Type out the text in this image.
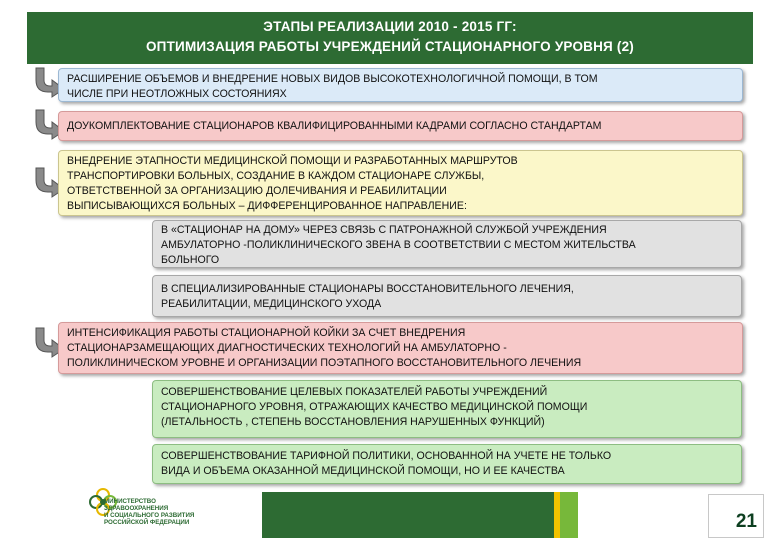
ЭТАПЫ РЕАЛИЗАЦИИ 2010 - 2015 ГГ:
ОПТИМИЗАЦИЯ РАБОТЫ УЧРЕЖДЕНИЙ СТАЦИОНАРНОГО УРОВНЯ (2)
РАСШИРЕНИЕ ОБЪЕМОВ И ВНЕДРЕНИЕ НОВЫХ ВИДОВ ВЫСОКОТЕХНОЛОГИЧНОЙ ПОМОЩИ, В ТОМ
ЧИСЛЕ ПРИ НЕОТЛОЖНЫХ СОСТОЯНИЯХ
ДОУКОМПЛЕКТОВАНИЕ СТАЦИОНАРОВ КВАЛИФИЦИРОВАННЫМИ КАДРАМИ СОГЛАСНО СТАНДАРТАМ
ВНЕДРЕНИЕ ЭТАПНОСТИ МЕДИЦИНСКОЙ ПОМОЩИ И РАЗРАБОТАННЫХ МАРШРУТОВ
ТРАНСПОРТИРОВКИ БОЛЬНЫХ, СОЗДАНИЕ В КАЖДОМ СТАЦИОНАРЕ СЛУЖБЫ,
ОТВЕТСТВЕННОЙ ЗА ОРГАНИЗАЦИЮ ДОЛЕЧИВАНИЯ И РЕАБИЛИТАЦИИ
ВЫПИСЫВАЮЩИХСЯ БОЛЬНЫХ – ДИФФЕРЕНЦИРОВАННОЕ НАПРАВЛЕНИЕ:
В «СТАЦИОНАР НА ДОМУ» ЧЕРЕЗ СВЯЗЬ С ПАТРОНАЖНОЙ СЛУЖБОЙ УЧРЕЖДЕНИЯ
АМБУЛАТОРНО -ПОЛИКЛИНИЧЕСКОГО ЗВЕНА В СООТВЕТСТВИИ С МЕСТОМ ЖИТЕЛЬСТВА
БОЛЬНОГО
В СПЕЦИАЛИЗИРОВАННЫЕ СТАЦИОНАРЫ ВОССТАНОВИТЕЛЬНОГО ЛЕЧЕНИЯ,
РЕАБИЛИТАЦИИ, МЕДИЦИНСКОГО УХОДА
ИНТЕНСИФИКАЦИЯ РАБОТЫ СТАЦИОНАРНОЙ КОЙКИ ЗА СЧЕТ ВНЕДРЕНИЯ
СТАЦИОНАРЗАМЕЩАЮЩИХ ДИАГНОСТИЧЕСКИХ ТЕХНОЛОГИЙ НА АМБУЛАТОРНО -
ПОЛИКЛИНИЧЕСКОМ УРОВНЕ И ОРГАНИЗАЦИИ ПОЭТАПНОГО ВОССТАНОВИТЕЛЬНОГО ЛЕЧЕНИЯ
СОВЕРШЕНСТВОВАНИЕ ЦЕЛЕВЫХ ПОКАЗАТЕЛЕЙ РАБОТЫ УЧРЕЖДЕНИЙ
СТАЦИОНАРНОГО УРОВНЯ, ОТРАЖАЮЩИХ КАЧЕСТВО МЕДИЦИНСКОЙ ПОМОЩИ
(ЛЕТАЛЬНОСТЬ , СТЕПЕНЬ ВОССТАНОВЛЕНИЯ НАРУШЕННЫХ ФУНКЦИЙ)
СОВЕРШЕНСТВОВАНИЕ ТАРИФНОЙ ПОЛИТИКИ, ОСНОВАННОЙ НА УЧЕТЕ НЕ ТОЛЬКО
ВИДА И ОБЪЕМА ОКАЗАННОЙ МЕДИЦИНСКОЙ ПОМОЩИ, НО И ЕЕ КАЧЕСТВА
МИНИСТЕРСТВО
ЗДРАВООХРАНЕНИЯ
И СОЦИАЛЬНОГО РАЗВИТИЯ
РОССИЙСКОЙ ФЕДЕРАЦИИ	21
